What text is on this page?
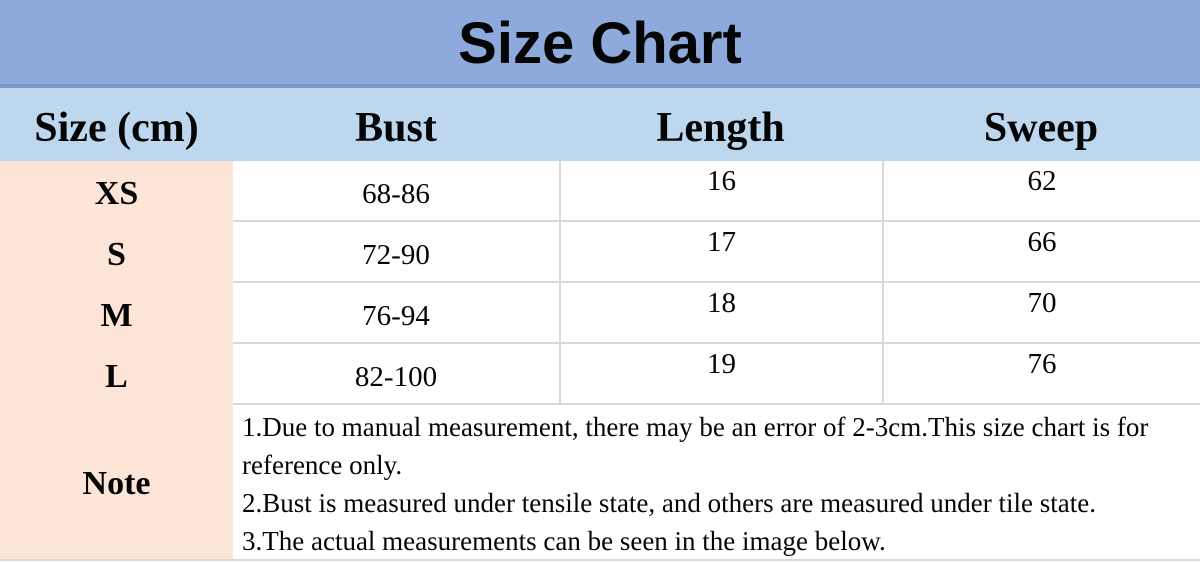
Size Chart
Size (cm)	Bust	Length	Sweep
XS	68-86	16	62
S	72-90	17	66
M	76-94	18	70
L	82-100	19	76
Note
1.Due to manual measurement, there may be an error of 2-3cm.This size chart is for reference only.
2.Bust is measured under tensile state, and others are measured under tile state.
3.The actual measurements can be seen in the image below.
